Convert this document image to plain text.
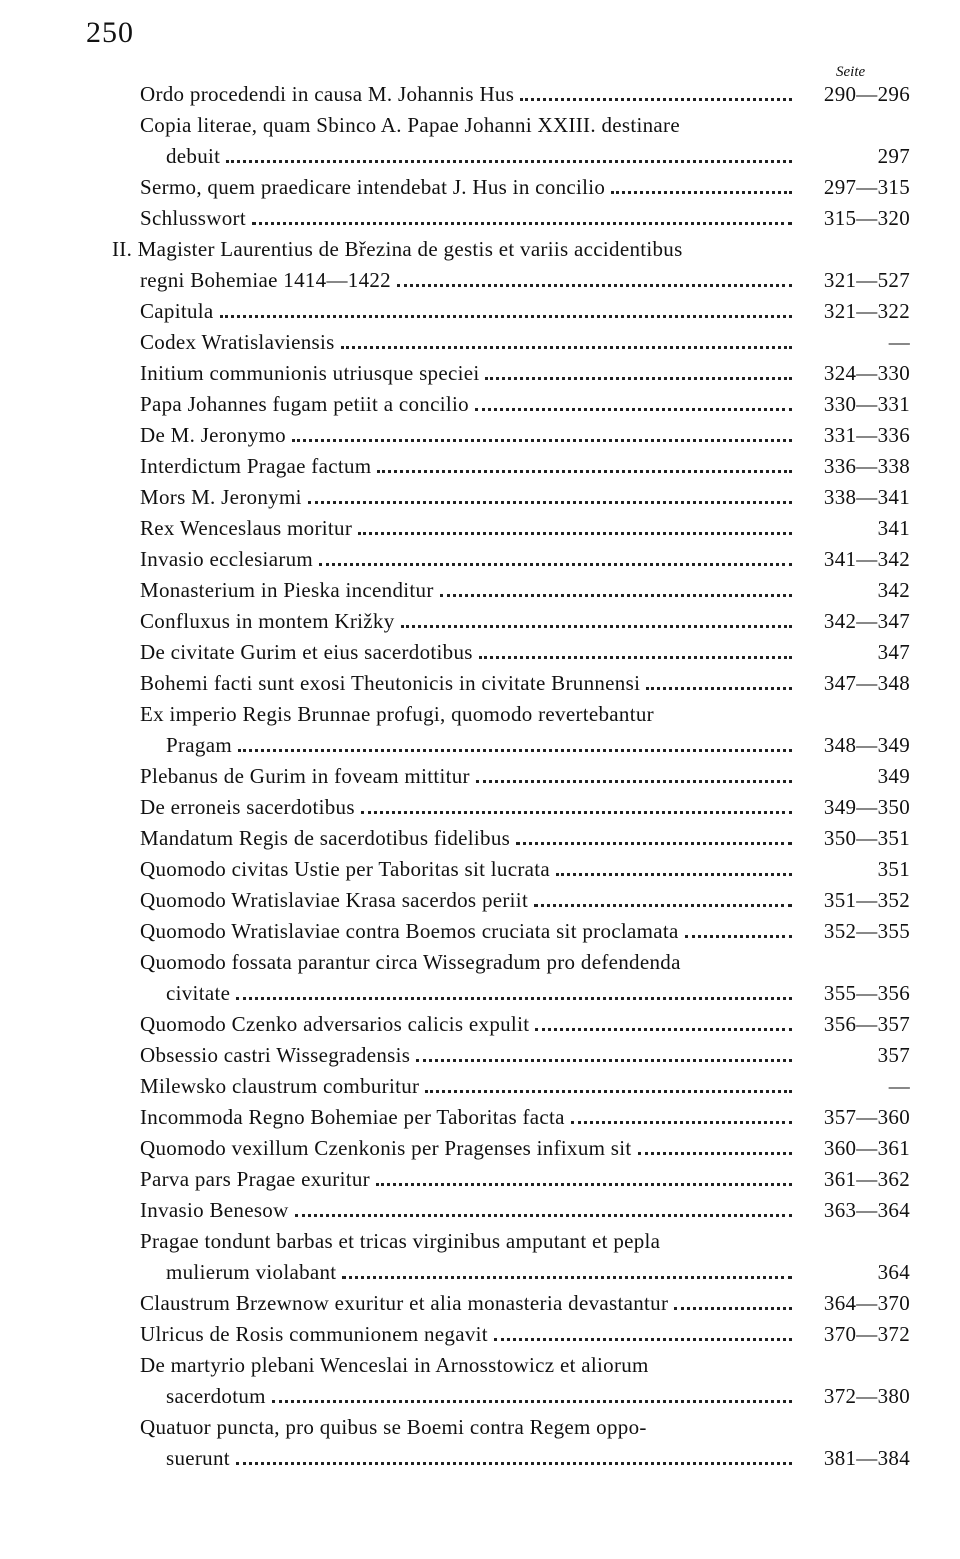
250
Seite
Ordo procedendi in causa M. Johannis Hus	290—296
Copia literae, quam Sbinco A. Papae Johanni XXIII. destinare
debuit	297
Sermo, quem praedicare intendebat J. Hus in concilio	297—315
Schlusswort	315—320
II. Magister Laurentius de Březina de gestis et variis accidentibus
regni Bohemiae 1414—1422	321—527
Capitula	321—322
Codex Wratislaviensis	—
Initium communionis utriusque speciei	324—330
Papa Johannes fugam petiit a concilio	330—331
De M. Jeronymo	331—336
Interdictum Pragae factum	336—338
Mors M. Jeronymi	338—341
Rex Wenceslaus moritur	341
Invasio ecclesiarum	341—342
Monasterium in Pieska incenditur	342
Confluxus in montem Križky	342—347
De civitate Gurim et eius sacerdotibus	347
Bohemi facti sunt exosi Theutonicis in civitate Brunnensi	347—348
Ex imperio Regis Brunnae profugi, quomodo revertebantur
Pragam	348—349
Plebanus de Gurim in foveam mittitur	349
De erroneis sacerdotibus	349—350
Mandatum Regis de sacerdotibus fidelibus	350—351
Quomodo civitas Ustie per Taboritas sit lucrata	351
Quomodo Wratislaviae Krasa sacerdos periit	351—352
Quomodo Wratislaviae contra Boemos cruciata sit proclamata	352—355
Quomodo fossata parantur circa Wissegradum pro defendenda
civitate	355—356
Quomodo Czenko adversarios calicis expulit	356—357
Obsessio castri Wissegradensis	357
Milewsko claustrum comburitur	—
Incommoda Regno Bohemiae per Taboritas facta	357—360
Quomodo vexillum Czenkonis per Pragenses infixum sit	360—361
Parva pars Pragae exuritur	361—362
Invasio Benesow	363—364
Pragae tondunt barbas et tricas virginibus amputant et pepla
mulierum violabant	364
Claustrum Brzewnow exuritur et alia monasteria devastantur	364—370
Ulricus de Rosis communionem negavit	370—372
De martyrio plebani Wenceslai in Arnosstowicz et aliorum
sacerdotum	372—380
Quatuor puncta, pro quibus se Boemi contra Regem oppo-
suerunt	381—384
